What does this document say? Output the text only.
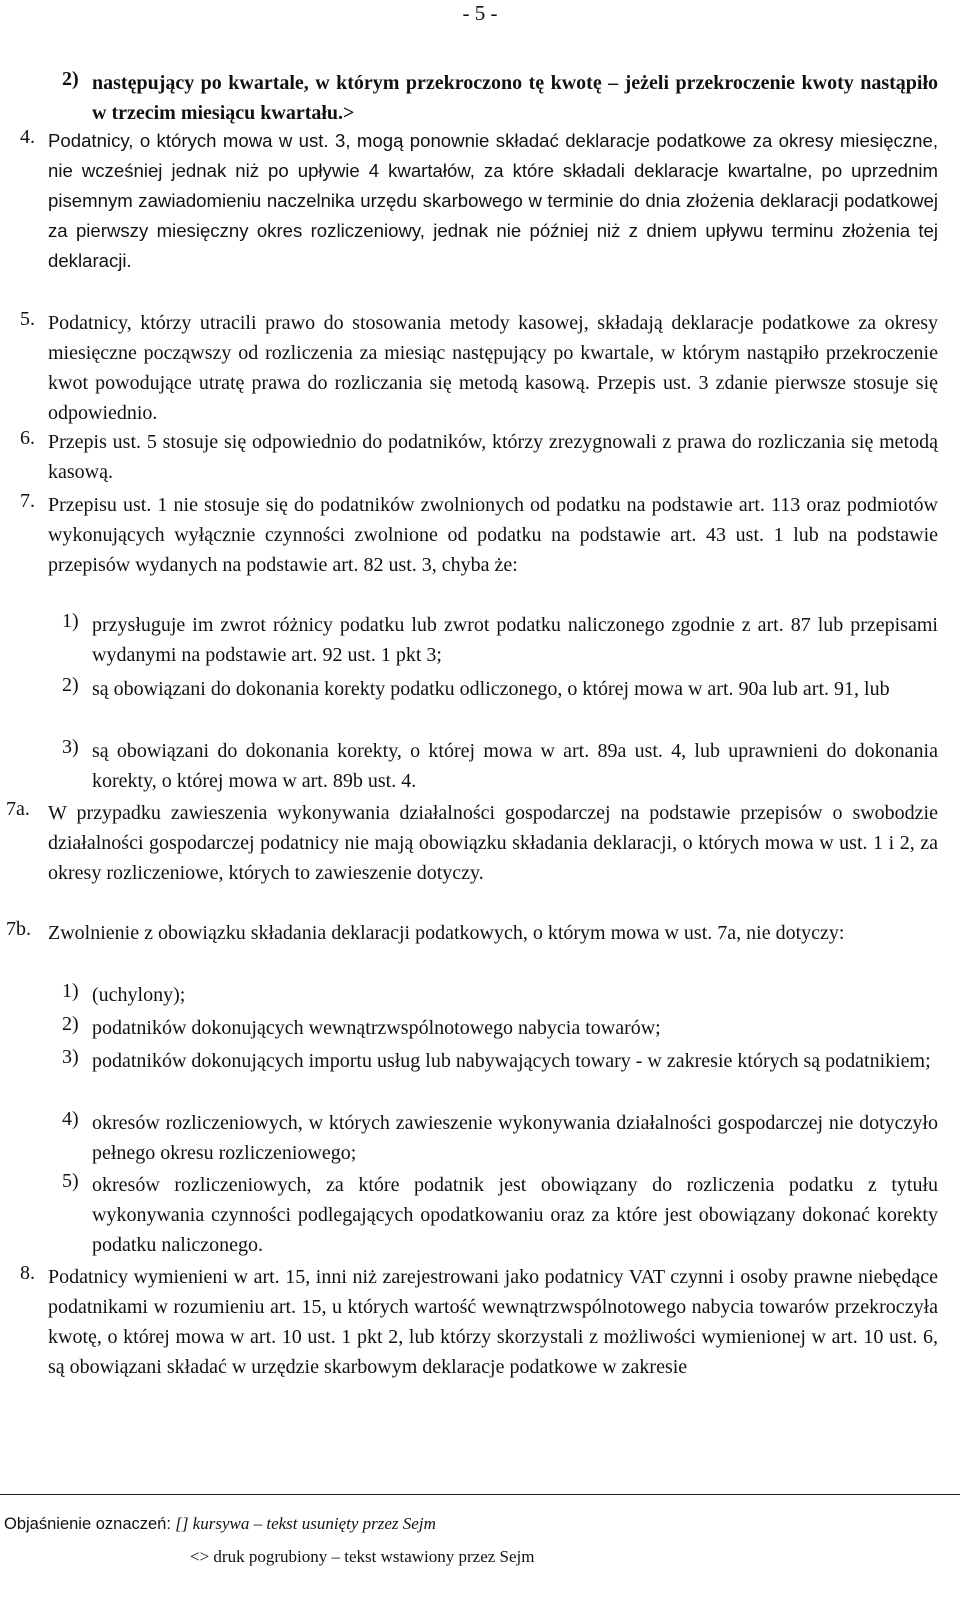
- 5 -
2) następujący po kwartale, w którym przekroczono tę kwotę – jeżeli przekroczenie kwoty nastąpiło w trzecim miesiącu kwartału.>
4. Podatnicy, o których mowa w ust. 3, mogą ponownie składać deklaracje podatkowe za okresy miesięczne, nie wcześniej jednak niż po upływie 4 kwartałów, za które składali deklaracje kwartalne, po uprzednim pisemnym zawiadomieniu naczelnika urzędu skarbowego w terminie do dnia złożenia deklaracji podatkowej za pierwszy miesięczny okres rozliczeniowy, jednak nie później niż z dniem upływu terminu złożenia tej deklaracji.
5. Podatnicy, którzy utracili prawo do stosowania metody kasowej, składają deklaracje podatkowe za okresy miesięczne począwszy od rozliczenia za miesiąc następujący po kwartale, w którym nastąpiło przekroczenie kwot powodujące utratę prawa do rozliczania się metodą kasową. Przepis ust. 3 zdanie pierwsze stosuje się odpowiednio.
6. Przepis ust. 5 stosuje się odpowiednio do podatników, którzy zrezygnowali z prawa do rozliczania się metodą kasową.
7. Przepisu ust. 1 nie stosuje się do podatników zwolnionych od podatku na podstawie art. 113 oraz podmiotów wykonujących wyłącznie czynności zwolnione od podatku na podstawie art. 43 ust. 1 lub na podstawie przepisów wydanych na podstawie art. 82 ust. 3, chyba że:
1) przysługuje im zwrot różnicy podatku lub zwrot podatku naliczonego zgodnie z art. 87 lub przepisami wydanymi na podstawie art. 92 ust. 1 pkt 3;
2) są obowiązani do dokonania korekty podatku odliczonego, o której mowa w art. 90a lub art. 91, lub
3) są obowiązani do dokonania korekty, o której mowa w art. 89a ust. 4, lub uprawnieni do dokonania korekty, o której mowa w art. 89b ust. 4.
7a. W przypadku zawieszenia wykonywania działalności gospodarczej na podstawie przepisów o swobodzie działalności gospodarczej podatnicy nie mają obowiązku składania deklaracji, o których mowa w ust. 1 i 2, za okresy rozliczeniowe, których to zawieszenie dotyczy.
7b. Zwolnienie z obowiązku składania deklaracji podatkowych, o którym mowa w ust. 7a, nie dotyczy:
1) (uchylony);
2) podatników dokonujących wewnątrzwspólnotowego nabycia towarów;
3) podatników dokonujących importu usług lub nabywających towary - w zakresie których są podatnikiem;
4) okresów rozliczeniowych, w których zawieszenie wykonywania działalności gospodarczej nie dotyczyło pełnego okresu rozliczeniowego;
5) okresów rozliczeniowych, za które podatnik jest obowiązany do rozliczenia podatku z tytułu wykonywania czynności podlegających opodatkowaniu oraz za które jest obowiązany dokonać korekty podatku naliczonego.
8. Podatnicy wymienieni w art. 15, inni niż zarejestrowani jako podatnicy VAT czynni i osoby prawne niebędące podatnikami w rozumieniu art. 15, u których wartość wewnątrzwspólnotowego nabycia towarów przekroczyła kwotę, o której mowa w art. 10 ust. 1 pkt 2, lub którzy skorzystali z możliwości wymienionej w art. 10 ust. 6, są obowiązani składać w urzędzie skarbowym deklaracje podatkowe w zakresie
Objaśnienie oznaczeń: [] kursywa – tekst usunięty przez Sejm
<> druk pogrubiony – tekst wstawiony przez Sejm
